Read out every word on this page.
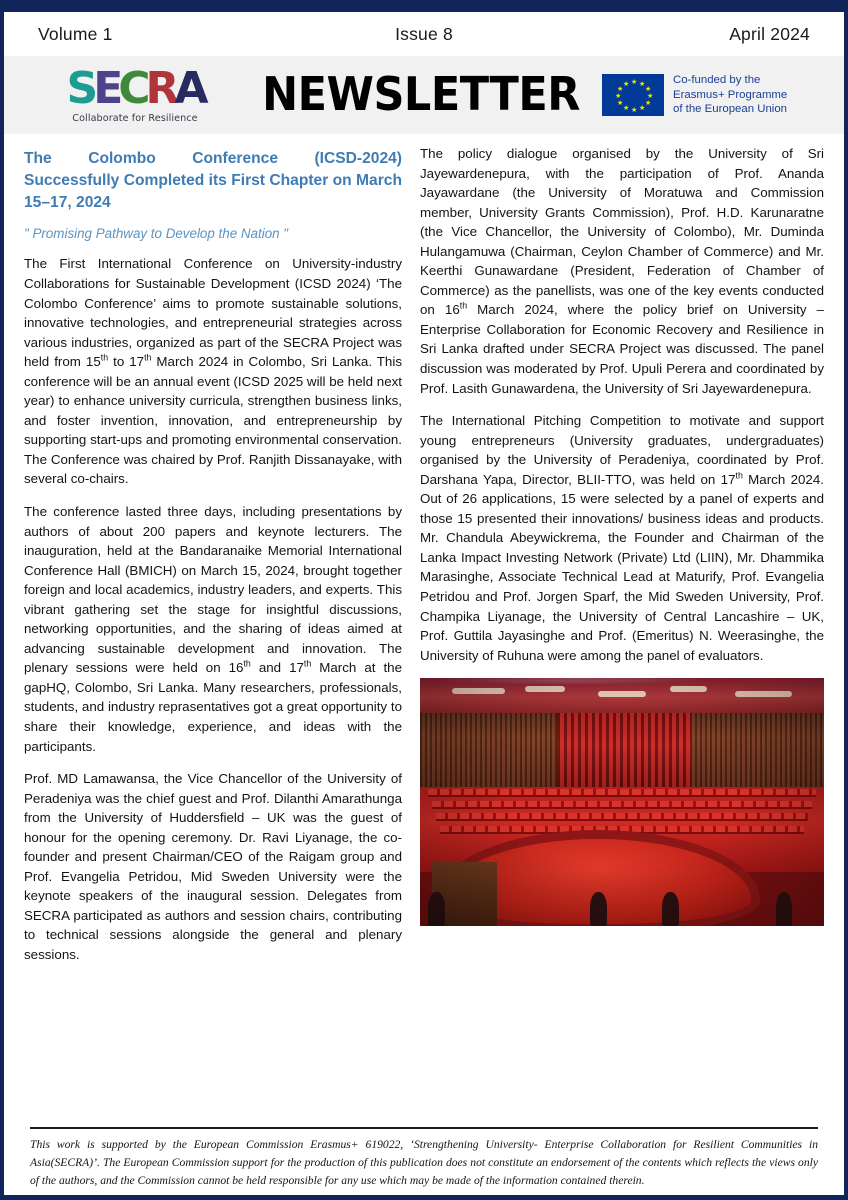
Volume 1	Issue 8	April 2024
S E C R A
Collaborate for Resilience	NEWSLETTER	★ ★
★
★
★
★
★
★
★
★
★
★	Co-funded by the
Erasmus+ Programme
of the European Union
The Colombo Conference (ICSD-2024) Successfully Completed its First Chapter on March 15–17, 2024
" Promising Pathway to Develop the Nation "

The First International Conference on University-industry Collaborations for Sustainable Development (ICSD 2024) ‘The Colombo Conference’ aims to promote sustainable solutions, innovative technologies, and entrepreneurial strategies across various industries, organized as part of the SECRA Project was held from 15th to 17th March 2024 in Colombo, Sri Lanka. This conference will be an annual event (ICSD 2025 will be held next year) to enhance university curricula, strengthen business links, and foster invention, innovation, and entrepreneurship by supporting start-ups and promoting environmental conservation. The Conference was chaired by Prof. Ranjith Dissanayake, with several co-chairs.

The conference lasted three days, including presentations by authors of about 200 papers and keynote lecturers. The inauguration, held at the Bandaranaike Memorial International Conference Hall (BMICH) on March 15, 2024, brought together foreign and local academics, industry leaders, and experts. This vibrant gathering set the stage for insightful discussions, networking opportunities, and the sharing of ideas aimed at advancing sustainable development and innovation. The plenary sessions were held on 16th and 17th March at the gapHQ, Colombo, Sri Lanka. Many researchers, professionals, students, and industry reprasentatives got a great opportunity to share their knowledge, experience, and ideas with the participants.

Prof. MD Lamawansa, the Vice Chancellor of the University of Peradeniya was the chief guest and Prof. Dilanthi Amarathunga from the University of Huddersfield – UK was the guest of honour for the opening ceremony. Dr. Ravi Liyanage, the co-founder and present Chairman/CEO of the Raigam group and Prof. Evangelia Petridou, Mid Sweden University were the keynote speakers of the inaugural session. Delegates from SECRA participated as authors and session chairs, contributing to technical sessions alongside the general and plenary sessions.

The policy dialogue organised by the University of Sri Jayewardenepura, with the participation of Prof. Ananda Jayawardane (the University of Moratuwa and Commission member, University Grants Commission), Prof. H.D. Karunaratne (the Vice Chancellor, the University of Colombo), Mr. Duminda Hulangamuwa (Chairman, Ceylon Chamber of Commerce) and Mr. Keerthi Gunawardane (President, Federation of Chamber of Commerce) as the panellists, was one of the key events conducted on 16th March 2024, where the policy brief on University – Enterprise Collaboration for Economic Recovery and Resilience in Sri Lanka drafted under SECRA Project was discussed. The panel discussion was moderated by Prof. Upuli Perera and coordinated by Prof. Lasith Gunawardena, the University of Sri Jayewardenepura.

The International Pitching Competition to motivate and support young entrepreneurs (University graduates, undergraduates) organised by the University of Peradeniya, coordinated by Prof. Darshana Yapa, Director, BLII-TTO, was held on 17th March 2024. Out of 26 applications, 15 were selected by a panel of experts and those 15 presented their innovations/ business ideas and products. Mr. Chandula Abeywickrema, the Founder and Chairman of the Lanka Impact Investing Network (Private) Ltd (LIIN), Mr. Dhammika Marasinghe, Associate Technical Lead at Maturify, Prof. Evangelia Petridou and Prof. Jorgen Sparf, the Mid Sweden University, Prof. Champika Liyanage, the University of Central Lancashire – UK, Prof. Guttila Jayasinghe and Prof. (Emeritus) N. Weerasinghe, the University of Ruhuna were among the panel of evaluators.

This work is supported by the European Commission Erasmus+ 619022, ‘Strengthening University- Enterprise Collaboration for Resilient Communities in Asia(SECRA)’. The European Commission support for the production of this publication does not constitute an endorsement of the contents which reflects the views only of the authors, and the Commission cannot be held responsible for any use which may be made of the information contained therein.
